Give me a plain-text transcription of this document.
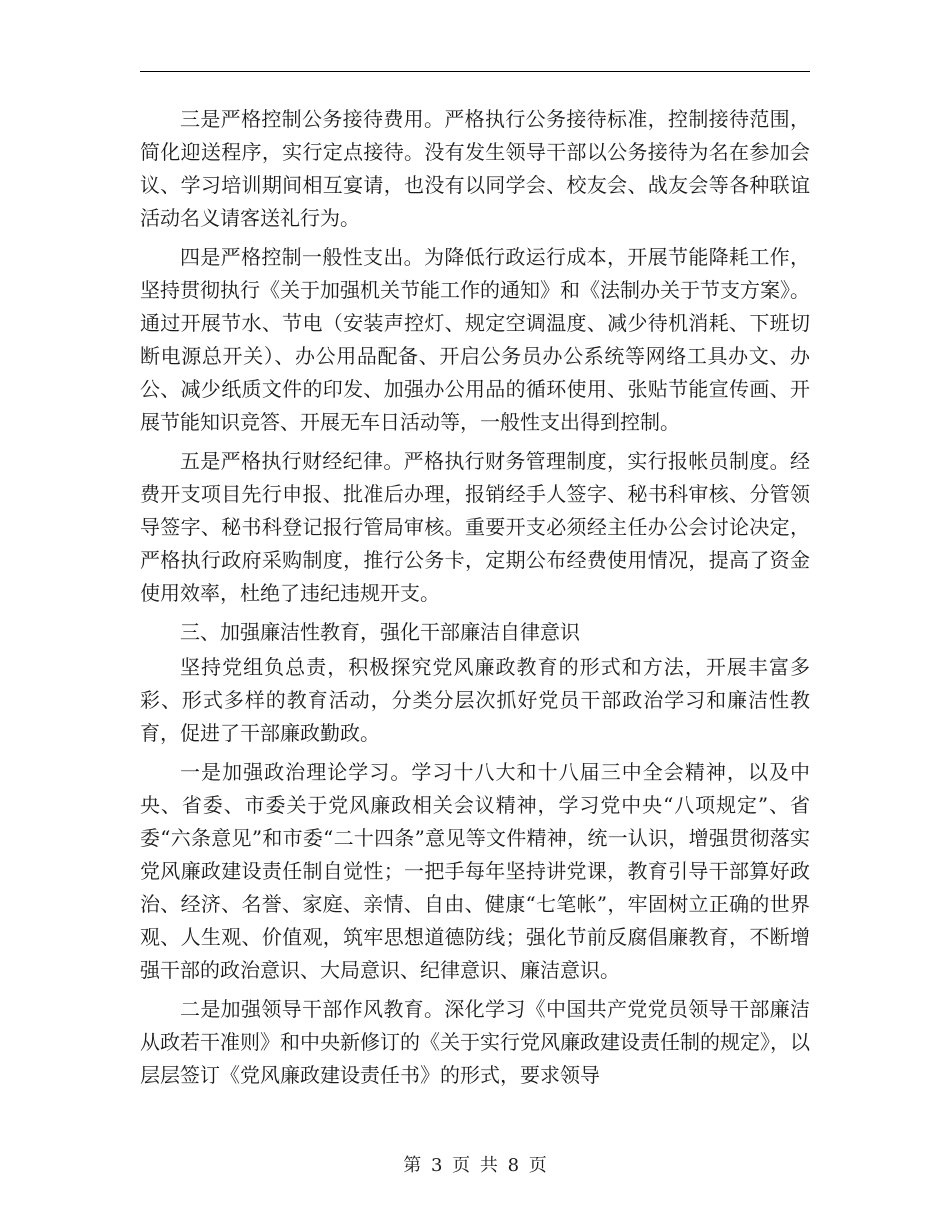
三是严格控制公务接待费用。严格执行公务接待标准，控制接待范围，简化迎送程序，实行定点接待。没有发生领导干部以公务接待为名在参加会议、学习培训期间相互宴请，也没有以同学会、校友会、战友会等各种联谊活动名义请客送礼行为。

四是严格控制一般性支出。为降低行政运行成本，开展节能降耗工作，坚持贯彻执行《关于加强机关节能工作的通知》和《法制办关于节支方案》。通过开展节水、节电（安装声控灯、规定空调温度、减少待机消耗、下班切断电源总开关）、办公用品配备、开启公务员办公系统等网络工具办文、办公、减少纸质文件的印发、加强办公用品的循环使用、张贴节能宣传画、开展节能知识竞答、开展无车日活动等，一般性支出得到控制。

五是严格执行财经纪律。严格执行财务管理制度，实行报帐员制度。经费开支项目先行申报、批准后办理，报销经手人签字、秘书科审核、分管领导签字、秘书科登记报行管局审核。重要开支必须经主任办公会讨论决定，严格执行政府采购制度，推行公务卡，定期公布经费使用情况，提高了资金使用效率，杜绝了违纪违规开支。

三、加强廉洁性教育，强化干部廉洁自律意识

坚持党组负总责，积极探究党风廉政教育的形式和方法，开展丰富多彩、形式多样的教育活动，分类分层次抓好党员干部政治学习和廉洁性教育，促进了干部廉政勤政。

一是加强政治理论学习。学习十八大和十八届三中全会精神，以及中央、省委、市委关于党风廉政相关会议精神，学习党中央“八项规定”、省委“六条意见”和市委“二十四条”意见等文件精神，统一认识，增强贯彻落实党风廉政建设责任制自觉性；一把手每年坚持讲党课，教育引导干部算好政治、经济、名誉、家庭、亲情、自由、健康“七笔帐”，牢固树立正确的世界观、人生观、价值观，筑牢思想道德防线；强化节前反腐倡廉教育，不断增强干部的政治意识、大局意识、纪律意识、廉洁意识。

二是加强领导干部作风教育。深化学习《中国共产党党员领导干部廉洁从政若干准则》和中央新修订的《关于实行党风廉政建设责任制的规定》，以层层签订《党风廉政建设责任书》的形式，要求领导

第 3 页 共 8 页
